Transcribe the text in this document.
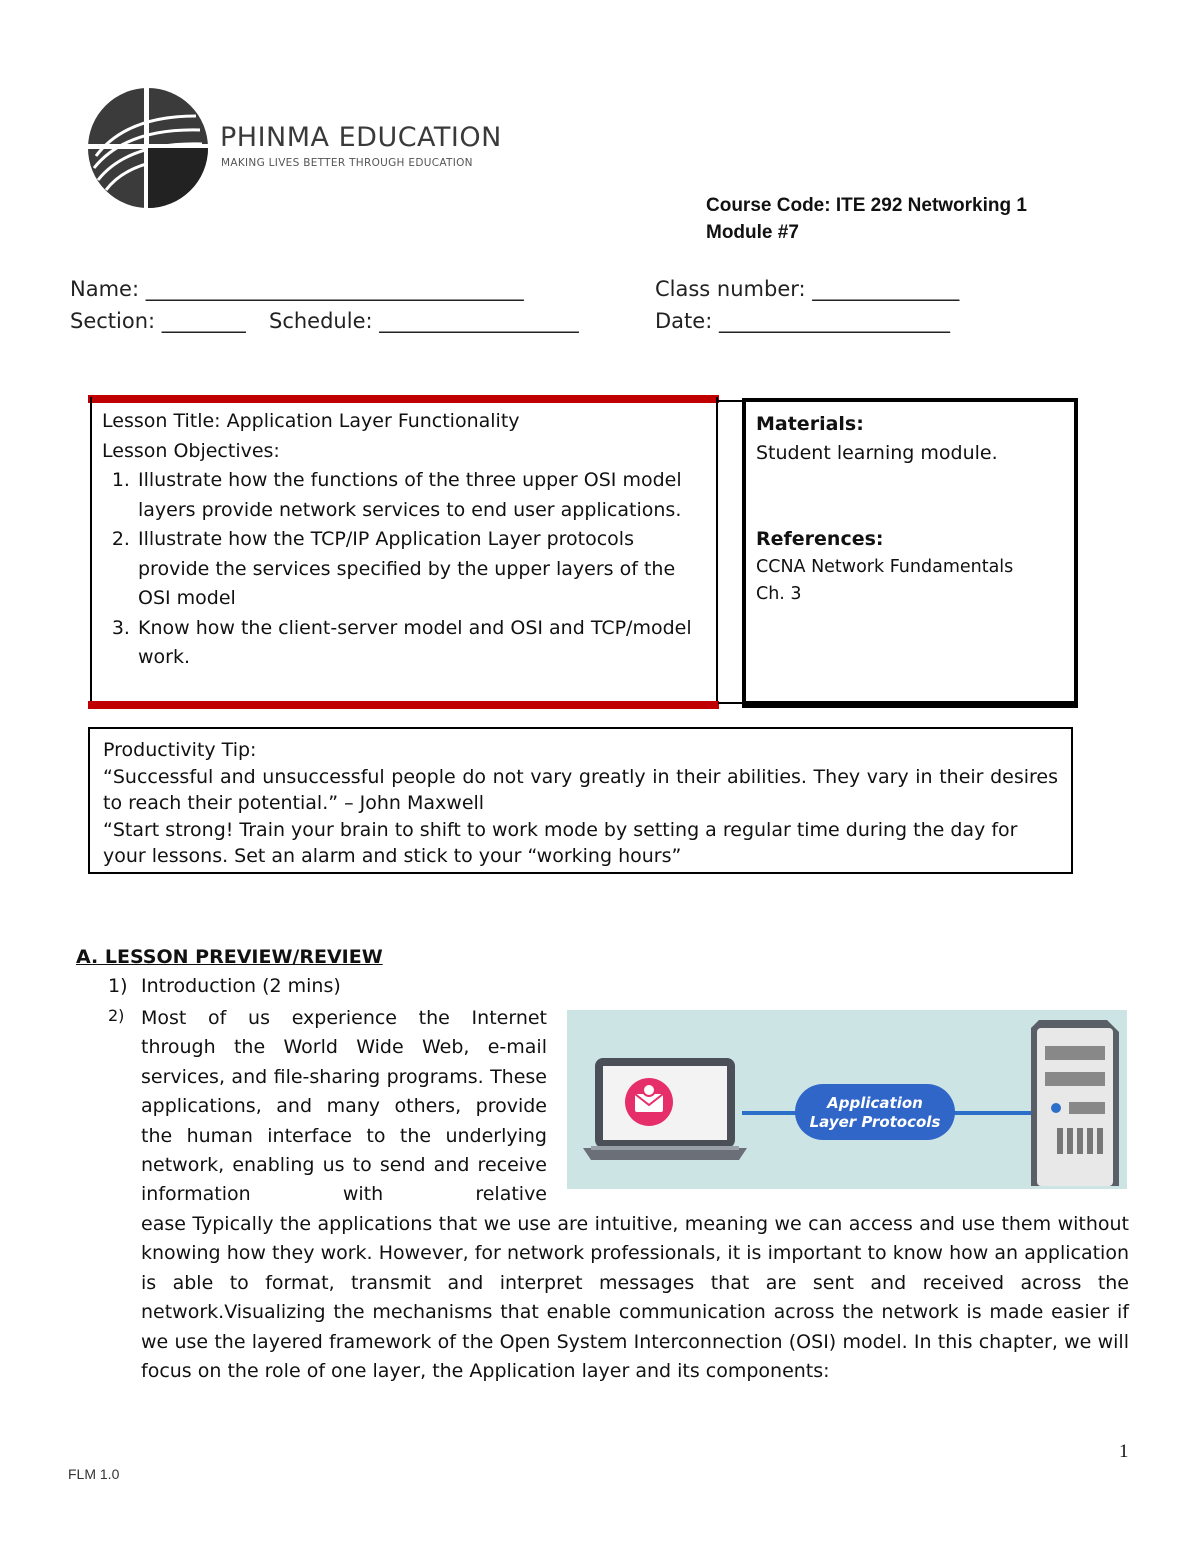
PHINMA EDUCATION
MAKING LIVES BETTER THROUGH EDUCATION
Course Code: ITE 292 Networking 1
Module #7
Name: ____________________________________	Class number: ______________
Section: ________ Schedule: ___________________	Date: ______________________
Lesson Title: Application Layer Functionality
Lesson Objectives:
1. Illustrate how the functions of the three upper OSI model layers provide network services to end user applications.
2. Illustrate how the TCP/IP Application Layer protocols provide the services specified by the upper layers of the OSI model
3. Know how the client-server model and OSI and TCP/model work.
Materials:
Student learning module.
References:
CCNA Network Fundamentals
Ch. 3
Productivity Tip:
“Successful and unsuccessful people do not vary greatly in their abilities. They vary in their desires to reach their potential.” – John Maxwell
“Start strong! Train your brain to shift to work mode by setting a regular time during the day for your lessons. Set an alarm and stick to your “working hours”
A. LESSON PREVIEW/REVIEW
1) Introduction (2 mins)
2) Most of us experience the Internet through the World Wide Web, e-mail services, and file-sharing programs. These applications, and many others, provide the human interface to the underlying network, enabling us to send and receive information with relative
Application
Layer Protocols
ease Typically the applications that we use are intuitive, meaning we can access and use them without knowing how they work. However, for network professionals, it is important to know how an application is able to format, transmit and interpret messages that are sent and received across the network.Visualizing the mechanisms that enable communication across the network is made easier if we use the layered framework of the Open System Interconnection (OSI) model. In this chapter, we will focus on the role of one layer, the Application layer and its components:
1
FLM 1.0
